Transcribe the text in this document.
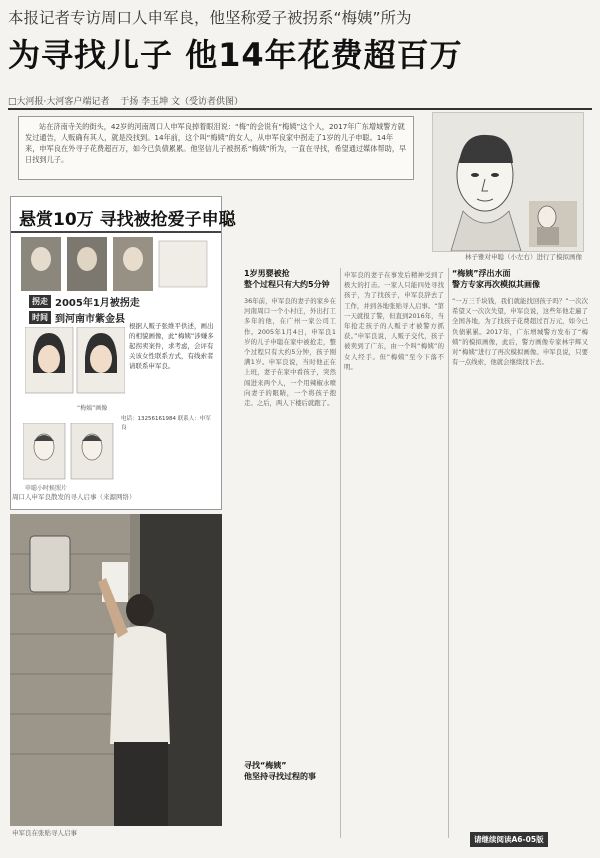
本报记者专访周口人申军良，他坚称爱子被拐系“梅姨”所为
为寻找儿子 他14年花费超百万
□大河报·大河客户端记者 于扬 李玉坤 文（受访者供图）
站在济南寺关的街头，42岁的河南周口人申军良掉着眼泪说：“梅”的会说有“梅姨”这个人，2017年广东增城警方就发过通告，人贩确有其人，就是没找到。14年前，这个叫“梅姨”的女人，从申军良家中拐走了1岁的儿子申聪。14年来，申军良在外寻子花费超百万，如今已负债累累。他坚信儿子被拐系“梅姨”所为，一直在寻找，希望通过媒体帮助，早日找到儿子。
林子雅对申聪（小左右）进行了模拟画像
悬赏10万 寻找被抢爱子申聪
拐走 2005年1月被拐走
时间 到河南市紫金县
“梅姨”画像
根据人贩子张维平供述，画出的相貌画像，此“梅姨”涉嫌多起拐卖案件，求考虑，会评有关该女性联系方式，有线索者请联系申军良。
申聪小时候照片
电话：13256161984 联系人：申军良
周口人申军良散发的寻人启事（来源网络）
申军良在张贴寻人启事
1岁男婴被抢
整个过程只有大约5分钟
36年前，申军良的妻子的家乡在河南周口一个小村庄，外出打工多年的他，在广州一家公司工作。2005年1月4日，申军良1岁的儿子申聪在家中被抢走，整个过程只有大约5分钟，孩子刚满1岁。申军良说，当时他正在上班，妻子在家中看孩子，突然闯进来两个人，一个用辣椒水喷向妻子的眼睛，一个将孩子抱走。之后，两人下楼后就跑了。
寻找“梅姨”
他坚持寻找过程的事
申军良的妻子在事发后精神受到了极大的打击。一家人只能四处寻找孩子，为了找孩子，申军良辞去了工作，并到各地张贴寻人启事。“第一天就报了警，但直到2016年，当年抢走孩子的人贩子才被警方抓获。”申军良说，人贩子交代，孩子被卖到了广东，由一个叫“梅姨”的女人经手。但“梅姨”至今下落不明。
“梅姨”浮出水面
警方专家再次模拟其画像
“一万三千块钱，我们就能找回孩子吗？”一次次希望又一次次失望，申军良说，这些年他走遍了全国各地，为了找孩子花费超过百万元，如今已负债累累。2017年，广东增城警方发布了“梅姨”的模拟画像，此后，警方画像专家林宇辉又对“梅姨”进行了再次模拟画像。申军良说，只要有一点线索，他就会继续找下去。
请继续阅读A6-05版
